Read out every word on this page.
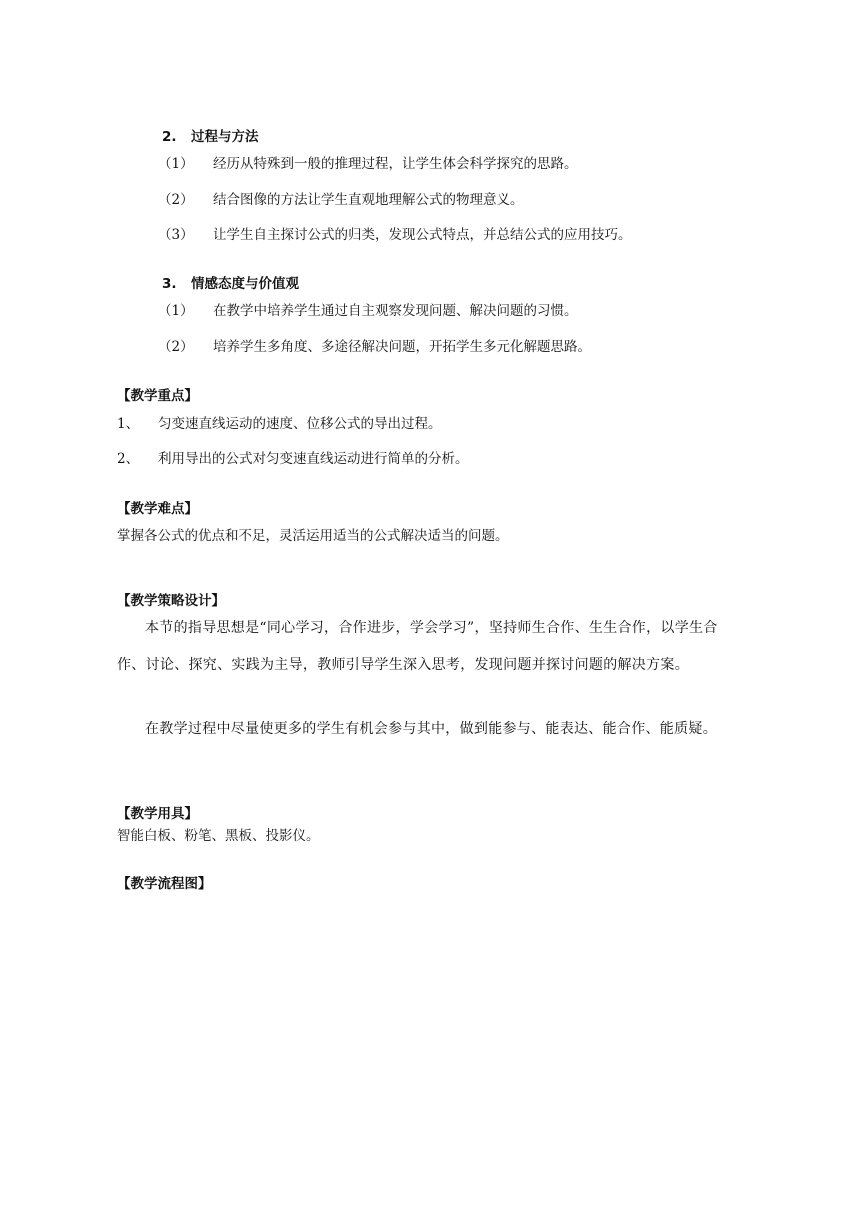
2. 过程与方法
（1） 经历从特殊到一般的推理过程，让学生体会科学探究的思路。
（2） 结合图像的方法让学生直观地理解公式的物理意义。
（3） 让学生自主探讨公式的归类，发现公式特点，并总结公式的应用技巧。
3. 情感态度与价值观
（1） 在教学中培养学生通过自主观察发现问题、解决问题的习惯。
（2） 培养学生多角度、多途径解决问题，开拓学生多元化解题思路。
【教学重点】
1、 匀变速直线运动的速度、位移公式的导出过程。
2、 利用导出的公式对匀变速直线运动进行简单的分析。
【教学难点】
掌握各公式的优点和不足，灵活运用适当的公式解决适当的问题。
【教学策略设计】
本节的指导思想是“同心学习，合作进步，学会学习”，坚持师生合作、生生合作，以学生合作、讨论、探究、实践为主导，教师引导学生深入思考，发现问题并探讨问题的解决方案。
在教学过程中尽量使更多的学生有机会参与其中，做到能参与、能表达、能合作、能质疑。
【教学用具】
智能白板、粉笔、黑板、投影仪。
【教学流程图】
